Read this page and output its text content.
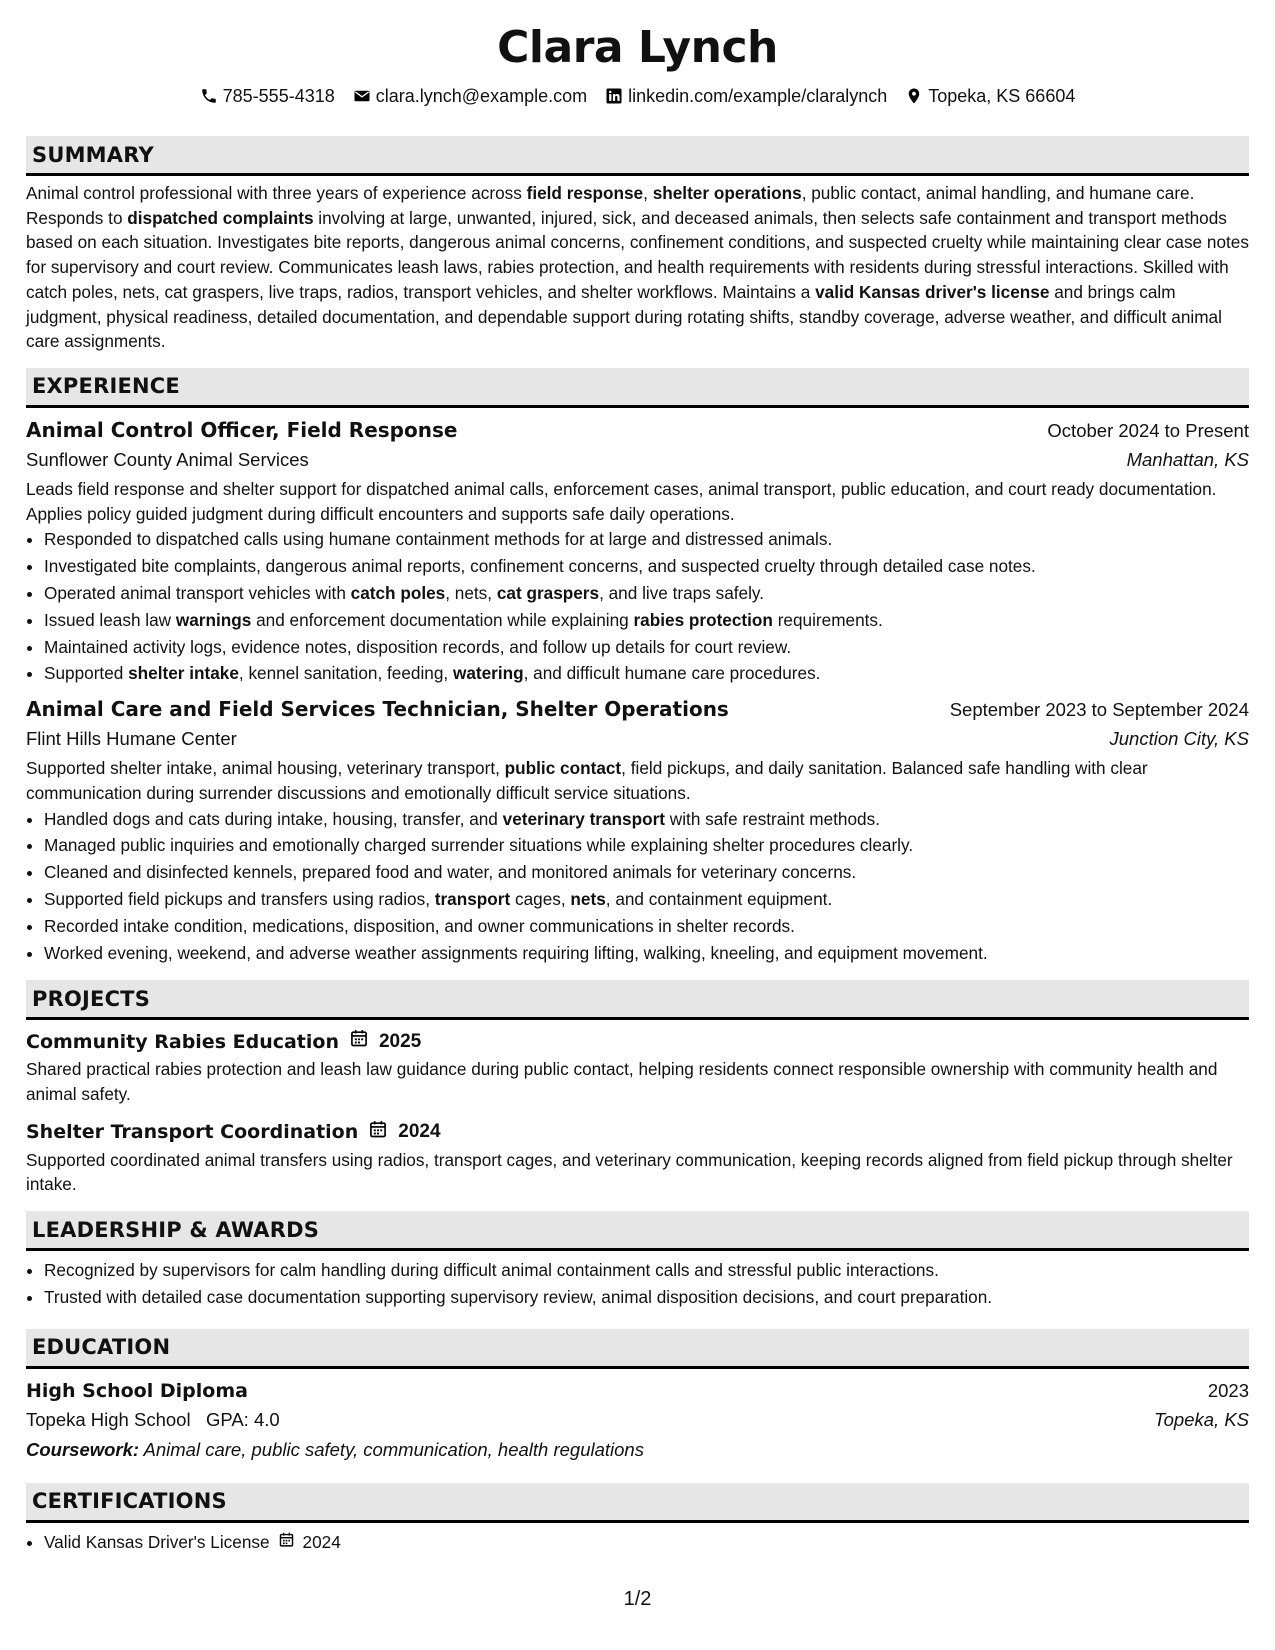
Clara Lynch
785-555-4318 clara.lynch@example.com linkedin.com/example/claralynch Topeka, KS 66604
SUMMARY
Animal control professional with three years of experience across field response, shelter operations, public contact, animal handling, and humane care. Responds to dispatched complaints involving at large, unwanted, injured, sick, and deceased animals, then selects safe containment and transport methods based on each situation. Investigates bite reports, dangerous animal concerns, confinement conditions, and suspected cruelty while maintaining clear case notes for supervisory and court review. Communicates leash laws, rabies protection, and health requirements with residents during stressful interactions. Skilled with catch poles, nets, cat graspers, live traps, radios, transport vehicles, and shelter workflows. Maintains a valid Kansas driver's license and brings calm judgment, physical readiness, detailed documentation, and dependable support during rotating shifts, standby coverage, adverse weather, and difficult animal care assignments.
EXPERIENCE
Animal Control Officer, Field Response	October 2024 to Present
Sunflower County Animal Services	Manhattan, KS
Leads field response and shelter support for dispatched animal calls, enforcement cases, animal transport, public education, and court ready documentation. Applies policy guided judgment during difficult encounters and supports safe daily operations.
• Responded to dispatched calls using humane containment methods for at large and distressed animals.
• Investigated bite complaints, dangerous animal reports, confinement concerns, and suspected cruelty through detailed case notes.
• Operated animal transport vehicles with catch poles, nets, cat graspers, and live traps safely.
• Issued leash law warnings and enforcement documentation while explaining rabies protection requirements.
• Maintained activity logs, evidence notes, disposition records, and follow up details for court review.
• Supported shelter intake, kennel sanitation, feeding, watering, and difficult humane care procedures.
Animal Care and Field Services Technician, Shelter Operations	September 2023 to September 2024
Flint Hills Humane Center	Junction City, KS
Supported shelter intake, animal housing, veterinary transport, public contact, field pickups, and daily sanitation. Balanced safe handling with clear communication during surrender discussions and emotionally difficult service situations.
• Handled dogs and cats during intake, housing, transfer, and veterinary transport with safe restraint methods.
• Managed public inquiries and emotionally charged surrender situations while explaining shelter procedures clearly.
• Cleaned and disinfected kennels, prepared food and water, and monitored animals for veterinary concerns.
• Supported field pickups and transfers using radios, transport cages, nets, and containment equipment.
• Recorded intake condition, medications, disposition, and owner communications in shelter records.
• Worked evening, weekend, and adverse weather assignments requiring lifting, walking, kneeling, and equipment movement.
PROJECTS
Community Rabies Education 2025
Shared practical rabies protection and leash law guidance during public contact, helping residents connect responsible ownership with community health and animal safety.
Shelter Transport Coordination 2024
Supported coordinated animal transfers using radios, transport cages, and veterinary communication, keeping records aligned from field pickup through shelter intake.
LEADERSHIP & AWARDS
• Recognized by supervisors for calm handling during difficult animal containment calls and stressful public interactions.
• Trusted with detailed case documentation supporting supervisory review, animal disposition decisions, and court preparation.
EDUCATION
High School Diploma	2023
Topeka High School GPA: 4.0	Topeka, KS
Coursework: Animal care, public safety, communication, health regulations
CERTIFICATIONS
• Valid Kansas Driver's License 2024
1/2
